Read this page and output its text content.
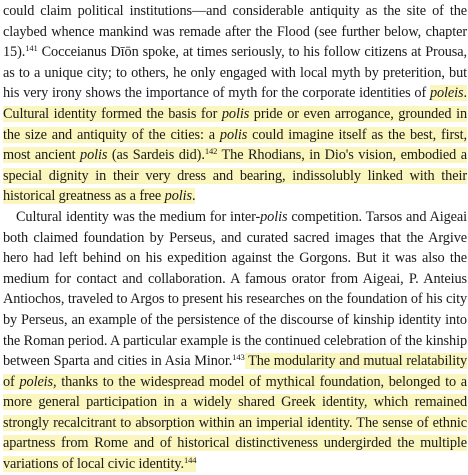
could claim political institutions—and considerable antiquity as the site of the claybed whence mankind was remade after the Flood (see further below, chapter 15).$^{141}$ Cocceianus Dīōn spoke, at times seriously, to his follow citizens at Prousa, as to a unique city; to others, he only engaged with local myth by preterition, but his very irony shows the importance of myth for the corporate identities of poleis. Cultural identity formed the basis for polis pride or even arrogance, grounded in the size and antiquity of the cities: a polis could imagine itself as the best, first, most ancient polis (as Sardeis did).$^{142}$ The Rhodians, in Dio's vision, embodied a special dignity in their very dress and bearing, indissolubly linked with their historical greatness as a free polis.

Cultural identity was the medium for inter-polis competition. Tarsos and Aigeai both claimed foundation by Perseus, and curated sacred images that the Argive hero had left behind on his expedition against the Gorgons. But it was also the medium for contact and collaboration. A famous orator from Aigeai, P. Anteius Antiochos, traveled to Argos to present his researches on the foundation of his city by Perseus, an example of the persistence of the discourse of kinship identity into the Roman period. A particular example is the continued celebration of the kinship between Sparta and cities in Asia Minor.$^{143}$ The modularity and mutual relatability of poleis, thanks to the widespread model of mythical foundation, belonged to a more general participation in a widely shared Greek identity, which remained strongly recalcitrant to absorption within an imperial identity. The sense of ethnic apartness from Rome and of historical distinctiveness undergirded the multiple variations of local civic identity.$^{144}$
